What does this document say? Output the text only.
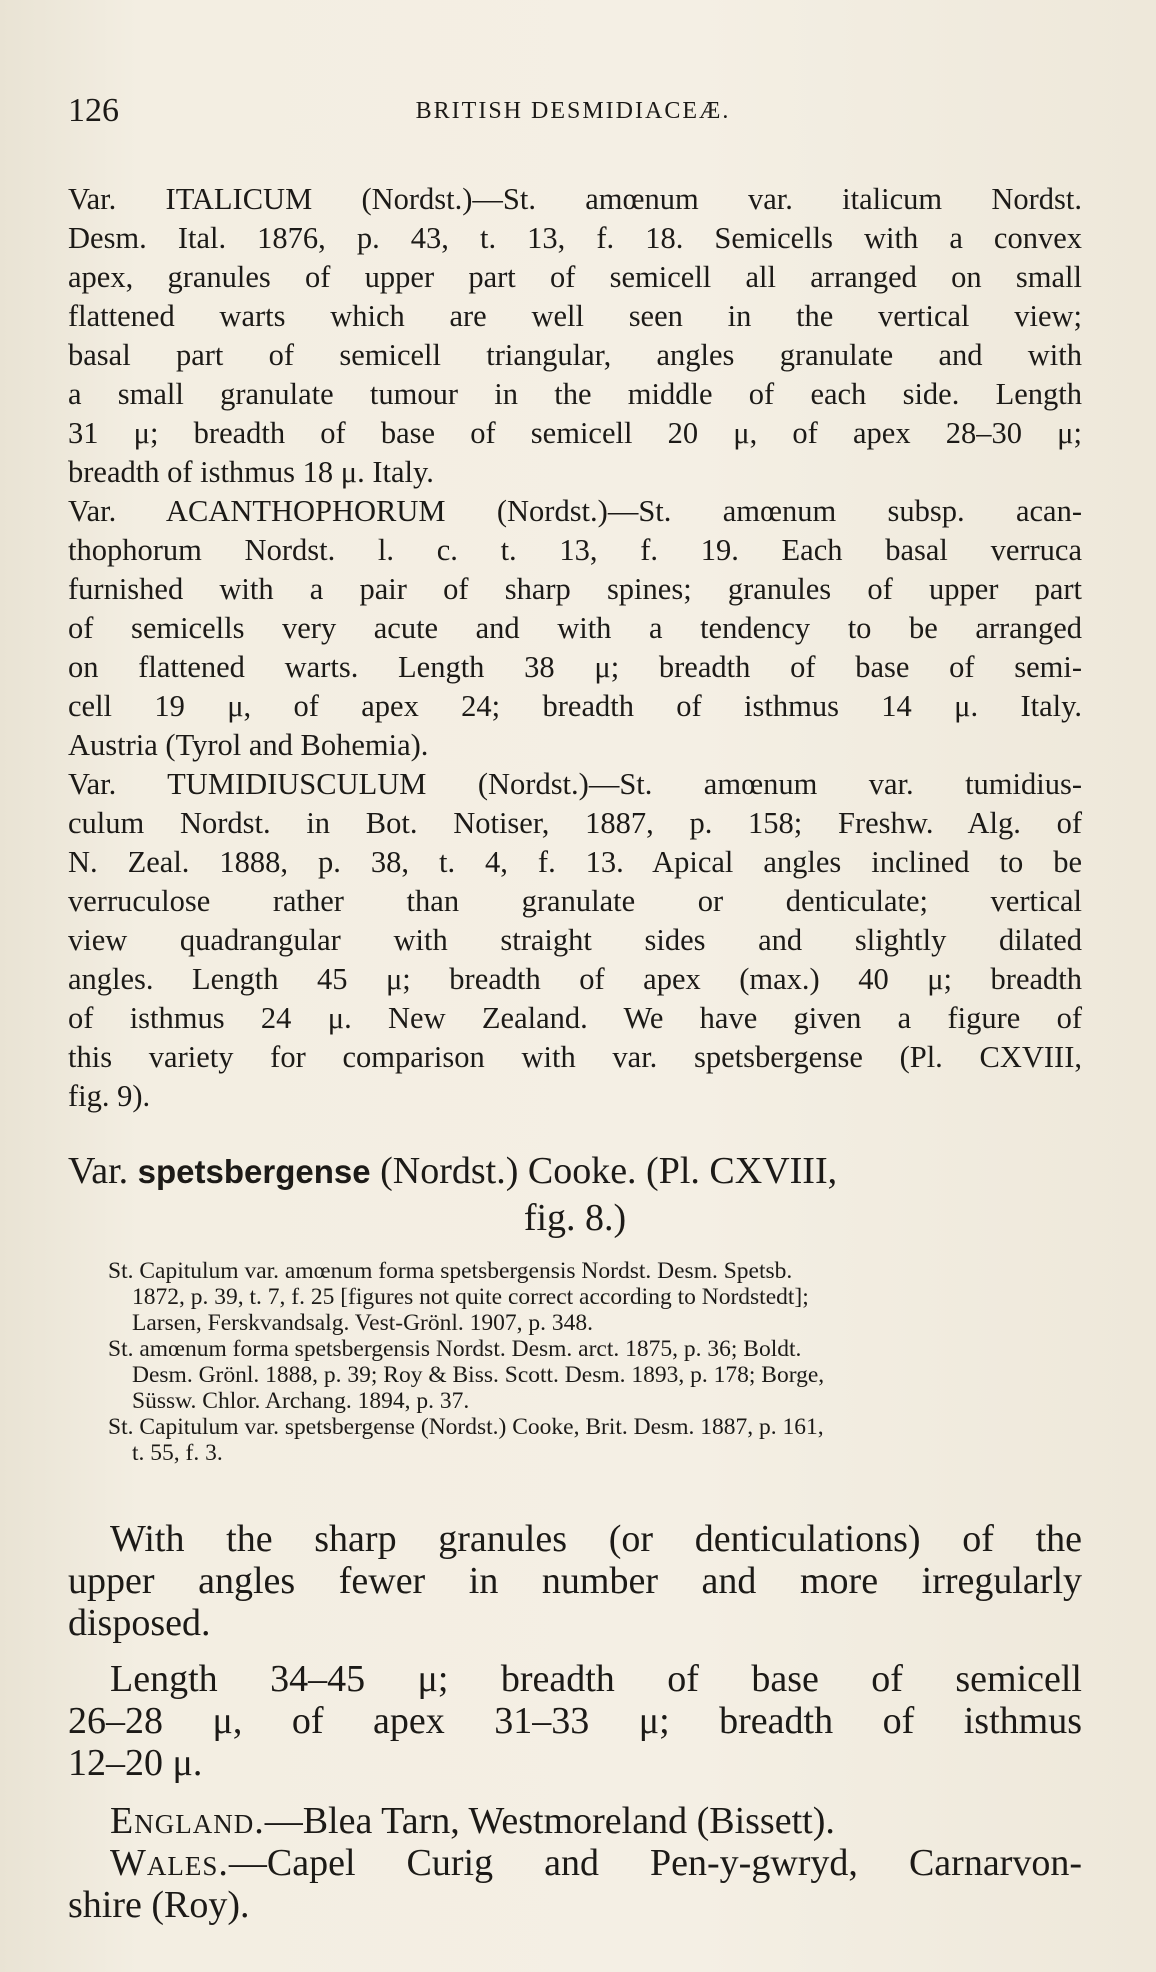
126	BRITISH DESMIDIACEÆ.
Var. ITALICUM (Nordst.)—St. amœnum var. italicum Nordst.
Desm. Ital. 1876, p. 43, t. 13, f. 18. Semicells with a convex
apex, granules of upper part of semicell all arranged on small
flattened warts which are well seen in the vertical view;
basal part of semicell triangular, angles granulate and with
a small granulate tumour in the middle of each side. Length
31 μ; breadth of base of semicell 20 μ, of apex 28–30 μ;
breadth of isthmus 18 μ. Italy.
Var. ACANTHOPHORUM (Nordst.)—St. amœnum subsp. acan-
thophorum Nordst. l. c. t. 13, f. 19. Each basal verruca
furnished with a pair of sharp spines; granules of upper part
of semicells very acute and with a tendency to be arranged
on flattened warts. Length 38 μ; breadth of base of semi-
cell 19 μ, of apex 24; breadth of isthmus 14 μ. Italy.
Austria (Tyrol and Bohemia).
Var. TUMIDIUSCULUM (Nordst.)—St. amœnum var. tumidius-
culum Nordst. in Bot. Notiser, 1887, p. 158; Freshw. Alg. of
N. Zeal. 1888, p. 38, t. 4, f. 13. Apical angles inclined to be
verruculose rather than granulate or denticulate; vertical
view quadrangular with straight sides and slightly dilated
angles. Length 45 μ; breadth of apex (max.) 40 μ; breadth
of isthmus 24 μ. New Zealand. We have given a figure of
this variety for comparison with var. spetsbergense (Pl. CXVIII,
fig. 9).
Var. spetsbergense (Nordst.) Cooke. (Pl. CXVIII,
fig. 8.)
St. Capitulum var. amœnum forma spetsbergensis Nordst. Desm. Spetsb.
1872, p. 39, t. 7, f. 25 [figures not quite correct according to Nordstedt];
Larsen, Ferskvandsalg. Vest-Grönl. 1907, p. 348.
St. amœnum forma spetsbergensis Nordst. Desm. arct. 1875, p. 36; Boldt.
Desm. Grönl. 1888, p. 39; Roy & Biss. Scott. Desm. 1893, p. 178; Borge,
Süssw. Chlor. Archang. 1894, p. 37.
St. Capitulum var. spetsbergense (Nordst.) Cooke, Brit. Desm. 1887, p. 161,
t. 55, f. 3.
With the sharp granules (or denticulations) of the
upper angles fewer in number and more irregularly
disposed.
Length 34–45 μ; breadth of base of semicell
26–28 μ, of apex 31–33 μ; breadth of isthmus
12–20 μ.
England.—Blea Tarn, Westmoreland (Bissett).
Wales.—Capel Curig and Pen-y-gwryd, Carnarvon-
shire (Roy).
